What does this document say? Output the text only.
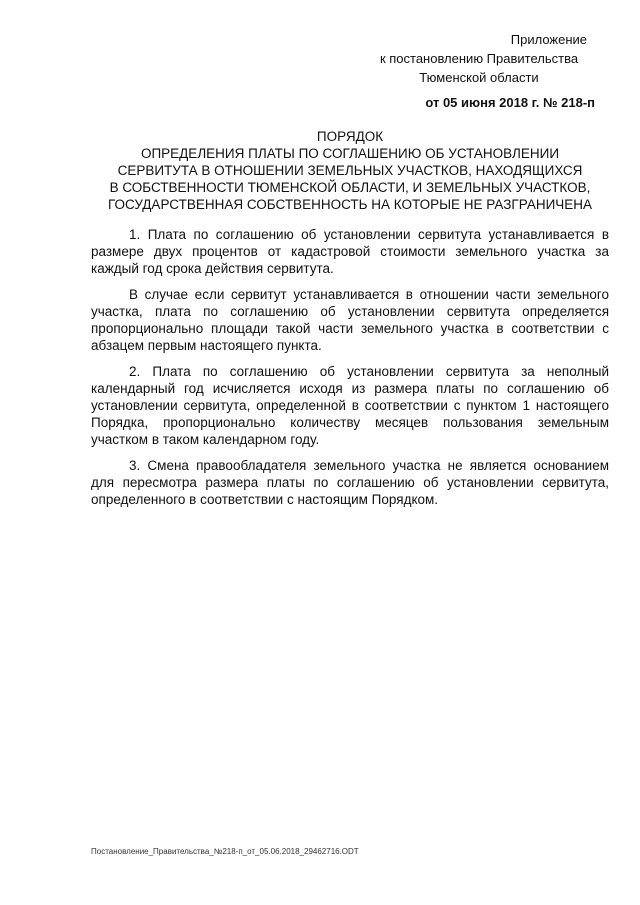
Приложение
к постановлению Правительства
Тюменской области
от 05 июня 2018 г. № 218-п
ПОРЯДОК
ОПРЕДЕЛЕНИЯ ПЛАТЫ ПО СОГЛАШЕНИЮ ОБ УСТАНОВЛЕНИИ
СЕРВИТУТА В ОТНОШЕНИИ ЗЕМЕЛЬНЫХ УЧАСТКОВ, НАХОДЯЩИХСЯ
В СОБСТВЕННОСТИ ТЮМЕНСКОЙ ОБЛАСТИ, И ЗЕМЕЛЬНЫХ УЧАСТКОВ,
ГОСУДАРСТВЕННАЯ СОБСТВЕННОСТЬ НА КОТОРЫЕ НЕ РАЗГРАНИЧЕНА

1. Плата по соглашению об установлении сервитута устанавливается в размере двух процентов от кадастровой стоимости земельного участка за каждый год срока действия сервитута.

В случае если сервитут устанавливается в отношении части земельного участка, плата по соглашению об установлении сервитута определяется пропорционально площади такой части земельного участка в соответствии с абзацем первым настоящего пункта.

2. Плата по соглашению об установлении сервитута за неполный календарный год исчисляется исходя из размера платы по соглашению об установлении сервитута, определенной в соответствии с пунктом 1 настоящего Порядка, пропорционально количеству месяцев пользования земельным участком в таком календарном году.

3. Смена правообладателя земельного участка не является основанием для пересмотра размера платы по соглашению об установлении сервитута, определенного в соответствии с настоящим Порядком.

Постановление_Правительства_№218-п_от_05.06.2018_29462716.ODT
